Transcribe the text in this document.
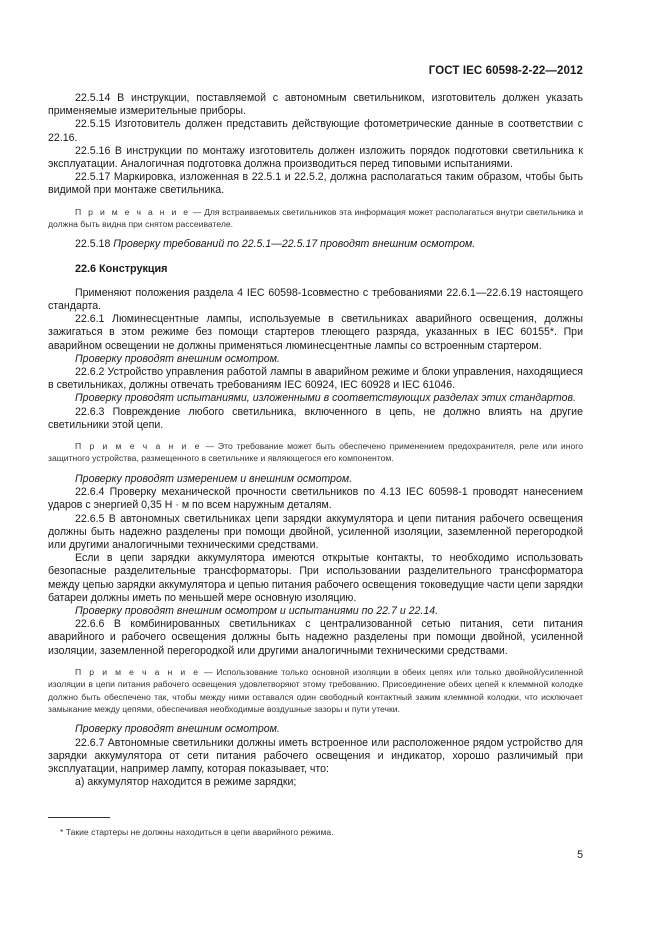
ГОСТ IEC 60598-2-22—2012

22.5.14 В инструкции, поставляемой с автономным светильником, изготовитель должен указать применяемые измерительные приборы.

22.5.15 Изготовитель должен представить действующие фотометрические данные в соответствии с 22.16.

22.5.16 В инструкции по монтажу изготовитель должен изложить порядок подготовки светильника к эксплуатации. Аналогичная подготовка должна производиться перед типовыми испытаниями.

22.5.17 Маркировка, изложенная в 22.5.1 и 22.5.2, должна располагаться таким образом, чтобы быть видимой при монтаже светильника.

П р и м е ч а н и е — Для встраиваемых светильников эта информация может располагаться внутри светильника и должна быть видна при снятом рассеивателе.

22.5.18 Проверку требований по 22.5.1—22.5.17 проводят внешним осмотром.

22.6 Конструкция

Применяют положения раздела 4 IEC 60598-1совместно с требованиями 22.6.1—22.6.19 настоящего стандарта.

22.6.1 Люминесцентные лампы, используемые в светильниках аварийного освещения, должны зажигаться в этом режиме без помощи стартеров тлеющего разряда, указанных в IEC 60155*. При аварийном освещении не должны применяться люминесцентные лампы со встроенным стартером.

Проверку проводят внешним осмотром.

22.6.2 Устройство управления работой лампы в аварийном режиме и блоки управления, находящиеся в светильниках, должны отвечать требованиям IEC 60924, IEC 60928 и IEC 61046.

Проверку проводят испытаниями, изложенными в соответствующих разделах этих стандартов.

22.6.3 Повреждение любого светильника, включенного в цепь, не должно влиять на другие светильники этой цепи.

П р и м е ч а н и е — Это требование может быть обеспечено применением предохранителя, реле или иного защитного устройства, размещенного в светильнике и являющегося его компонентом.

Проверку проводят измерением и внешним осмотром.

22.6.4 Проверку механической прочности светильников по 4.13 IEC 60598-1 проводят нанесением ударов с энергией 0,35 Н · м по всем наружным деталям.

22.6.5 В автономных светильниках цепи зарядки аккумулятора и цепи питания рабочего освещения должны быть надежно разделены при помощи двойной, усиленной изоляции, заземленной перегородкой или другими аналогичными техническими средствами.

Если в цепи зарядки аккумулятора имеются открытые контакты, то необходимо использовать безопасные разделительные трансформаторы. При использовании разделительного трансформатора между цепью зарядки аккумулятора и цепью питания рабочего освещения токоведущие части цепи зарядки батареи должны иметь по меньшей мере основную изоляцию.

Проверку проводят внешним осмотром и испытаниями по 22.7 и 22.14.

22.6.6 В комбинированных светильниках с централизованной сетью питания, сети питания аварийного и рабочего освещения должны быть надежно разделены при помощи двойной, усиленной изоляции, заземленной перегородкой или другими аналогичными техническими средствами.

П р и м е ч а н и е — Использование только основной изоляции в обеих цепях или только двойной/усиленной изоляции в цепи питания рабочего освещения удовлетворяют этому требованию. Присоединение обеих цепей к клеммной колодке должно быть обеспечено так, чтобы между ними оставался один свободный контактный зажим клеммной колодки, что исключает замыкание между цепями, обеспечивая необходимые воздушные зазоры и пути утечки.

Проверку проводят внешним осмотром.

22.6.7 Автономные светильники должны иметь встроенное или расположенное рядом устройство для зарядки аккумулятора от сети питания рабочего освещения и индикатор, хорошо различимый при эксплуатации, например лампу, которая показывает, что:

а) аккумулятор находится в режиме зарядки;

* Такие стартеры не должны находиться в цепи аварийного режима.
5
